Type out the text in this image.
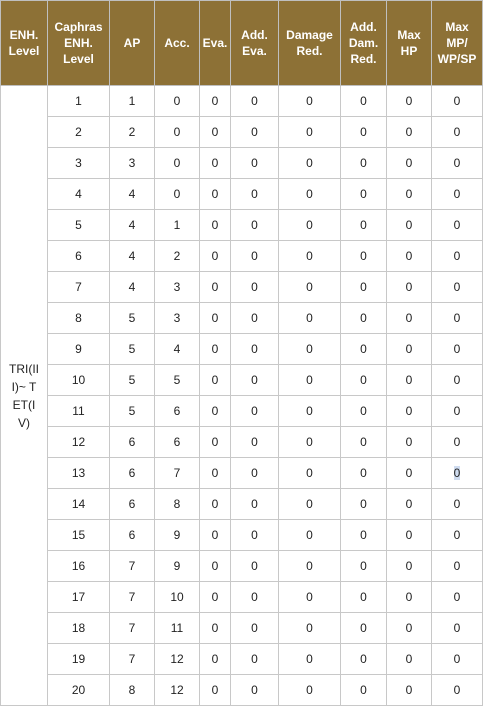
ENH. Level	Caphras ENH. Level	AP	Acc.	Eva.	Add. Eva.	Damage Red.	Add. Dam. Red.	Max HP	Max MP/ WP/SP
TRI(II I)~ TET(I V)	1	1	0	0	0	0	0	0	0
	2	2	0	0	0	0	0	0	0
	3	3	0	0	0	0	0	0	0
	4	4	0	0	0	0	0	0	0
	5	4	1	0	0	0	0	0	0
	6	4	2	0	0	0	0	0	0
	7	4	3	0	0	0	0	0	0
	8	5	3	0	0	0	0	0	0
	9	5	4	0	0	0	0	0	0
	10	5	5	0	0	0	0	0	0
	11	5	6	0	0	0	0	0	0
	12	6	6	0	0	0	0	0	0
	13	6	7	0	0	0	0	0	0
	14	6	8	0	0	0	0	0	0
	15	6	9	0	0	0	0	0	0
	16	7	9	0	0	0	0	0	0
	17	7	10	0	0	0	0	0	0
	18	7	11	0	0	0	0	0	0
	19	7	12	0	0	0	0	0	0
	20	8	12	0	0	0	0	0	0
